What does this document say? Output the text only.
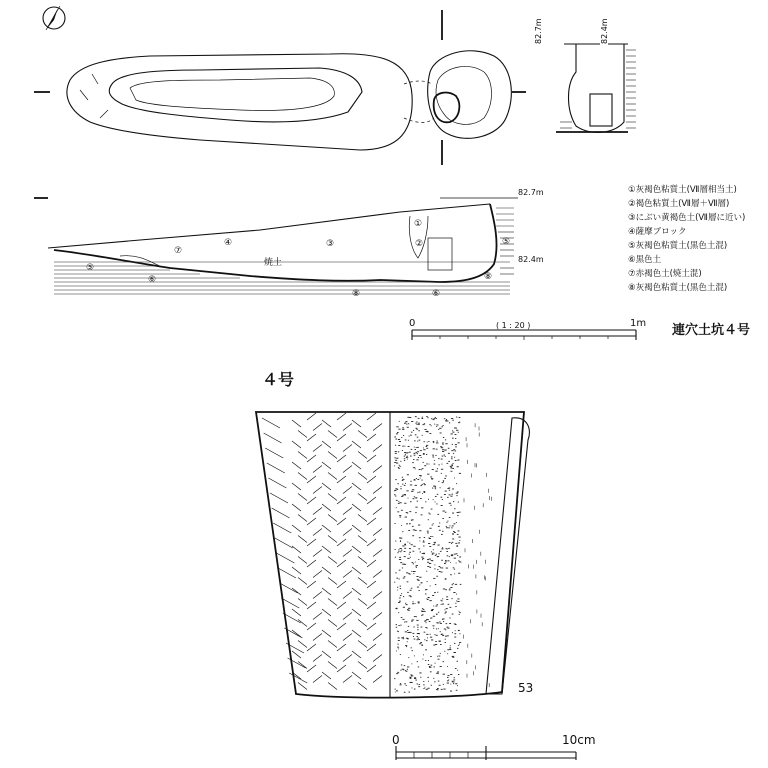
82.7m	82.4m
82.7m
82.4m
焼土
①
②
③
④
⑤
⑤
⑥
⑥
⑦
⑧
⑧
①灰褐色粘質土(Ⅶ層相当土)
②褐色粘質土(Ⅶ層＋Ⅶ層)
③にぶい黄褐色土(Ⅶ層に近い)
④薩摩ブロック
⑤灰褐色粘質土(黒色土混)
⑥黒色土
⑦赤褐色土(焼土混)
⑧灰褐色粘質土(黒色土混)
0	1m
( 1 : 20 )	連穴土坑４号
４号
53
0	10cm
